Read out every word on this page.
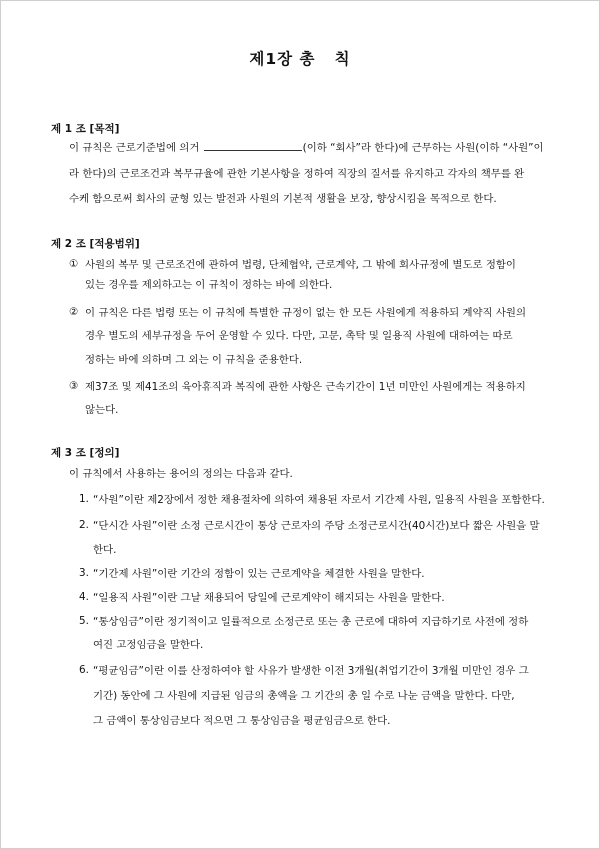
제1장 총   칙
제 1 조 [목적]
이 규칙은 근로기준법에 의거	(이하 “회사”라 한다)에 근무하는 사원(이하 “사원”이
라 한다)의 근로조건과 복무규율에 관한 기본사항을 정하여 직장의 질서를 유지하고 각자의 책무를 완
수케 함으로써 회사의 균형 있는 발전과 사원의 기본적 생활을 보장, 향상시킴을 목적으로 한다.
제 2 조 [적용범위]
① 사원의 복무 및 근로조건에 관하여 법령, 단체협약, 근로계약, 그 밖에 회사규정에 별도로 정함이
있는 경우를 제외하고는 이 규칙이 정하는 바에 의한다.
② 이 규칙은 다른 법령 또는 이 규칙에 특별한 규정이 없는 한 모든 사원에게 적용하되 계약직 사원의
경우 별도의 세부규정을 두어 운영할 수 있다. 다만, 고문, 촉탁 및 일용직 사원에 대하여는 따로
정하는 바에 의하며 그 외는 이 규칙을 준용한다.
③ 제37조 및 제41조의 육아휴직과 복직에 관한 사항은 근속기간이 1년 미만인 사원에게는 적용하지
않는다.
제 3 조 [정의]
이 규칙에서 사용하는 용어의 정의는 다음과 같다.
1. “사원”이란 제2장에서 정한 채용절차에 의하여 채용된 자로서 기간제 사원, 일용직 사원을 포함한다.
2. “단시간 사원”이란 소정 근로시간이 통상 근로자의 주당 소정근로시간(40시간)보다 짧은 사원을 말
한다.
3. “기간제 사원”이란 기간의 정함이 있는 근로계약을 체결한 사원을 말한다.
4. “일용직 사원”이란 그날 채용되어 당일에 근로계약이 해지되는 사원을 말한다.
5. “통상임금”이란 정기적이고 일률적으로 소정근로 또는 총 근로에 대하여 지급하기로 사전에 정하
여진 고정임금을 말한다.
6. “평균임금”이란 이를 산정하여야 할 사유가 발생한 이전 3개월(취업기간이 3개월 미만인 경우 그
기간) 동안에 그 사원에 지급된 임금의 총액을 그 기간의 총 일 수로 나눈 금액을 말한다. 다만,
그 금액이 통상임금보다 적으면 그 통상임금을 평균임금으로 한다.
